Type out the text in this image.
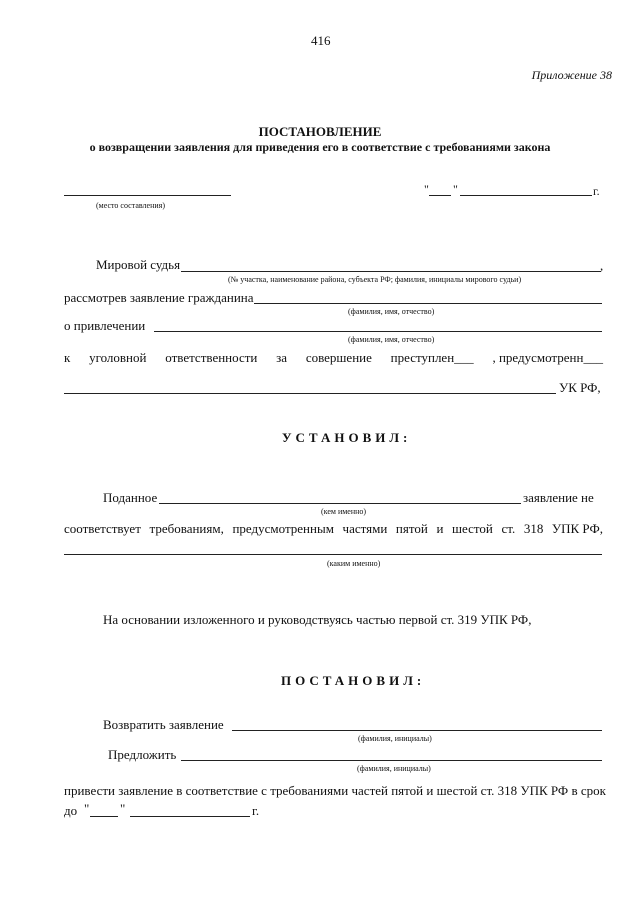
416
Приложение 38
ПОСТАНОВЛЕНИЕ
о возвращении заявления для приведения его в соответствие с требованиями закона
(место составления)
" "	г.
Мировой судья	,
(№ участка, наименование района, субъекта РФ; фамилия, инициалы мирового судьи)
рассмотрев заявление гражданина
(фамилия, имя, отчество)
о привлечении
(фамилия, имя, отчество)
к уголовной ответственности за совершение преступлен___ , предусмотренн___
УК РФ,
УСТАНОВИЛ:
Поданное	заявление не
(кем именно)
соответствует требованиям, предусмотренным частями пятой и шестой ст. 318 УПК РФ,
(каким именно)
На основании изложенного и руководствуясь частью первой ст. 319 УПК РФ,
ПОСТАНОВИЛ:
Возвратить заявление
(фамилия, инициалы)
Предложить
(фамилия, инициалы)
привести заявление в соответствие с требованиями частей пятой и шестой ст. 318 УПК РФ в срок
до " "	г.
